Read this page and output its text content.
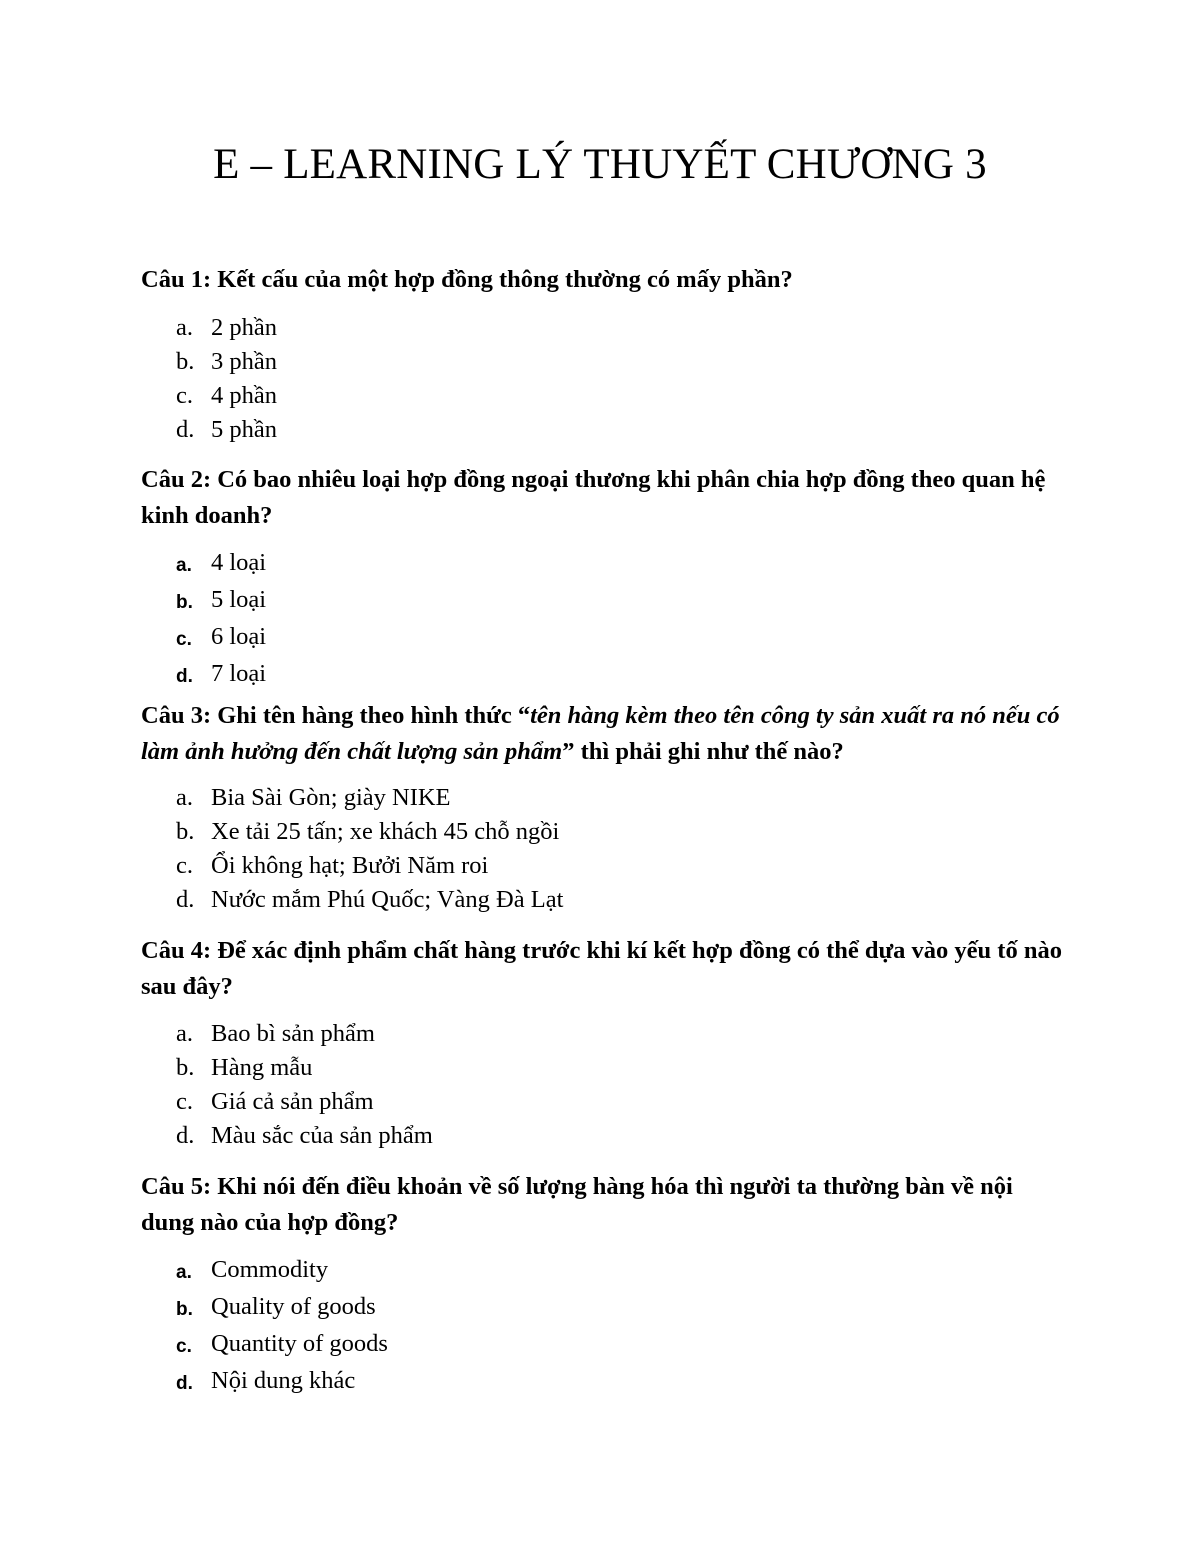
E – LEARNING LÝ THUYẾT CHƯƠNG 3

Câu 1: Kết cấu của một hợp đồng thông thường có mấy phần?

a. 2 phần
b. 3 phần
c. 4 phần
d. 5 phần

Câu 2: Có bao nhiêu loại hợp đồng ngoại thương khi phân chia hợp đồng theo quan hệ kinh doanh?

a. 4 loại
b. 5 loại
c. 6 loại
d. 7 loại

Câu 3: Ghi tên hàng theo hình thức “tên hàng kèm theo tên công ty sản xuất ra nó nếu có làm ảnh hưởng đến chất lượng sản phẩm” thì phải ghi như thế nào?

a. Bia Sài Gòn; giày NIKE
b. Xe tải 25 tấn; xe khách 45 chỗ ngồi
c. Ổi không hạt; Bưởi Năm roi
d. Nước mắm Phú Quốc; Vàng Đà Lạt

Câu 4: Để xác định phẩm chất hàng trước khi kí kết hợp đồng có thể dựa vào yếu tố nào sau đây?

a. Bao bì sản phẩm
b. Hàng mẫu
c. Giá cả sản phẩm
d. Màu sắc của sản phẩm

Câu 5: Khi nói đến điều khoản về số lượng hàng hóa thì người ta thường bàn về nội dung nào của hợp đồng?

a. Commodity
b. Quality of goods
c. Quantity of goods
d. Nội dung khác
